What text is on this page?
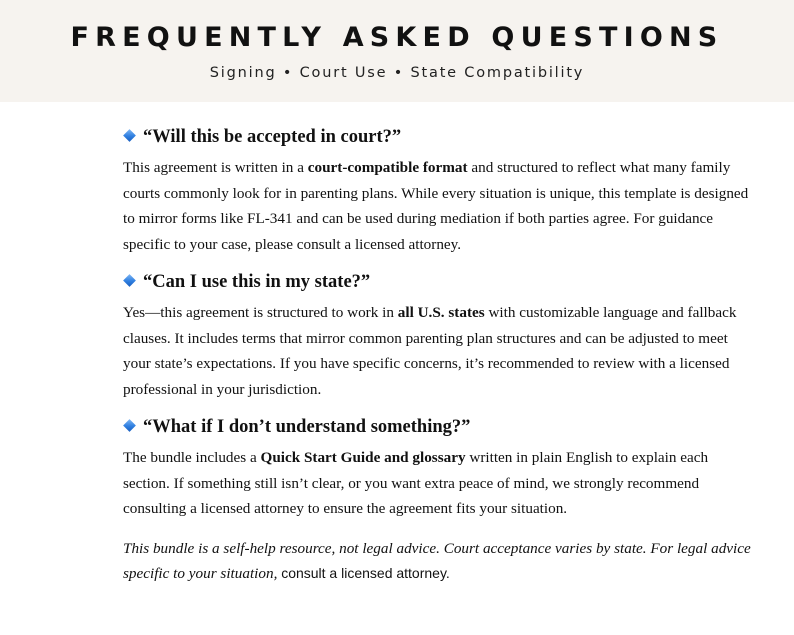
FREQUENTLY ASKED QUESTIONS
Signing • Court Use • State Compatibility
“Will this be accepted in court?”

This agreement is written in a court-compatible format and structured to reflect what many family courts commonly look for in parenting plans. While every situation is unique, this template is designed to mirror forms like FL-341 and can be used during mediation if both parties agree. For guidance specific to your case, please consult a licensed attorney.

“Can I use this in my state?”

Yes—this agreement is structured to work in all U.S. states with customizable language and fallback clauses. It includes terms that mirror common parenting plan structures and can be adjusted to meet your state’s expectations. If you have specific concerns, it’s recommended to review with a licensed professional in your jurisdiction.

“What if I don’t understand something?”

The bundle includes a Quick Start Guide and glossary written in plain English to explain each section. If something still isn’t clear, or you want extra peace of mind, we strongly recommend consulting a licensed attorney to ensure the agreement fits your situation.

This bundle is a self-help resource, not legal advice. Court acceptance varies by state. For legal advice specific to your situation, consult a licensed attorney.
